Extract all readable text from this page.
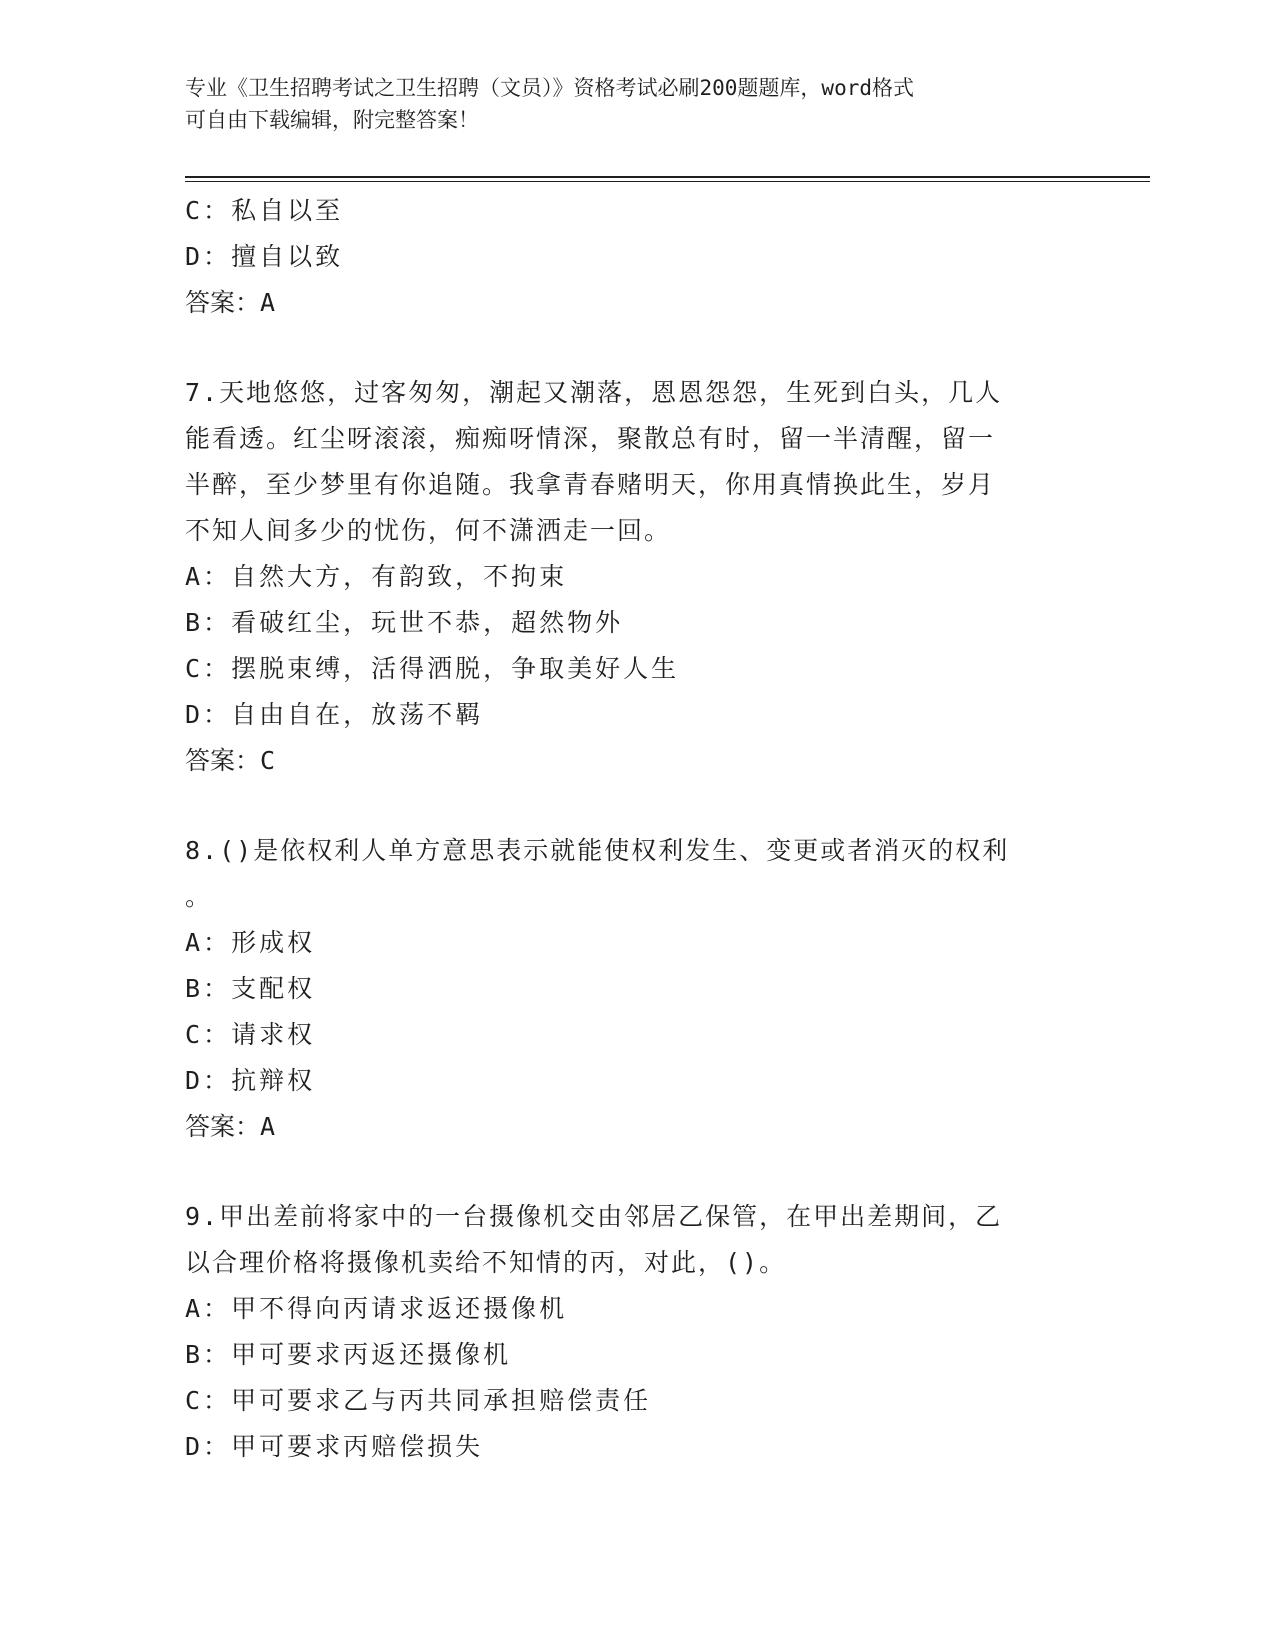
专业《卫生招聘考试之卫生招聘（文员）》资格考试必刷200题题库，word格式
可自由下载编辑，附完整答案！
C：私自以至
D：擅自以致
答案：A
7.天地悠悠，过客匆匆，潮起又潮落，恩恩怨怨，生死到白头，几人
能看透。红尘呀滚滚，痴痴呀情深，聚散总有时，留一半清醒，留一
半醉，至少梦里有你追随。我拿青春赌明天，你用真情换此生，岁月
不知人间多少的忧伤，何不潇洒走一回。
A：自然大方，有韵致，不拘束
B：看破红尘，玩世不恭，超然物外
C：摆脱束缚，活得洒脱，争取美好人生
D：自由自在，放荡不羁
答案：C
8.()是依权利人单方意思表示就能使权利发生、变更或者消灭的权利
。
A：形成权
B：支配权
C：请求权
D：抗辩权
答案：A
9.甲出差前将家中的一台摄像机交由邻居乙保管，在甲出差期间，乙
以合理价格将摄像机卖给不知情的丙，对此，()。
A：甲不得向丙请求返还摄像机
B：甲可要求丙返还摄像机
C：甲可要求乙与丙共同承担赔偿责任
D：甲可要求丙赔偿损失
